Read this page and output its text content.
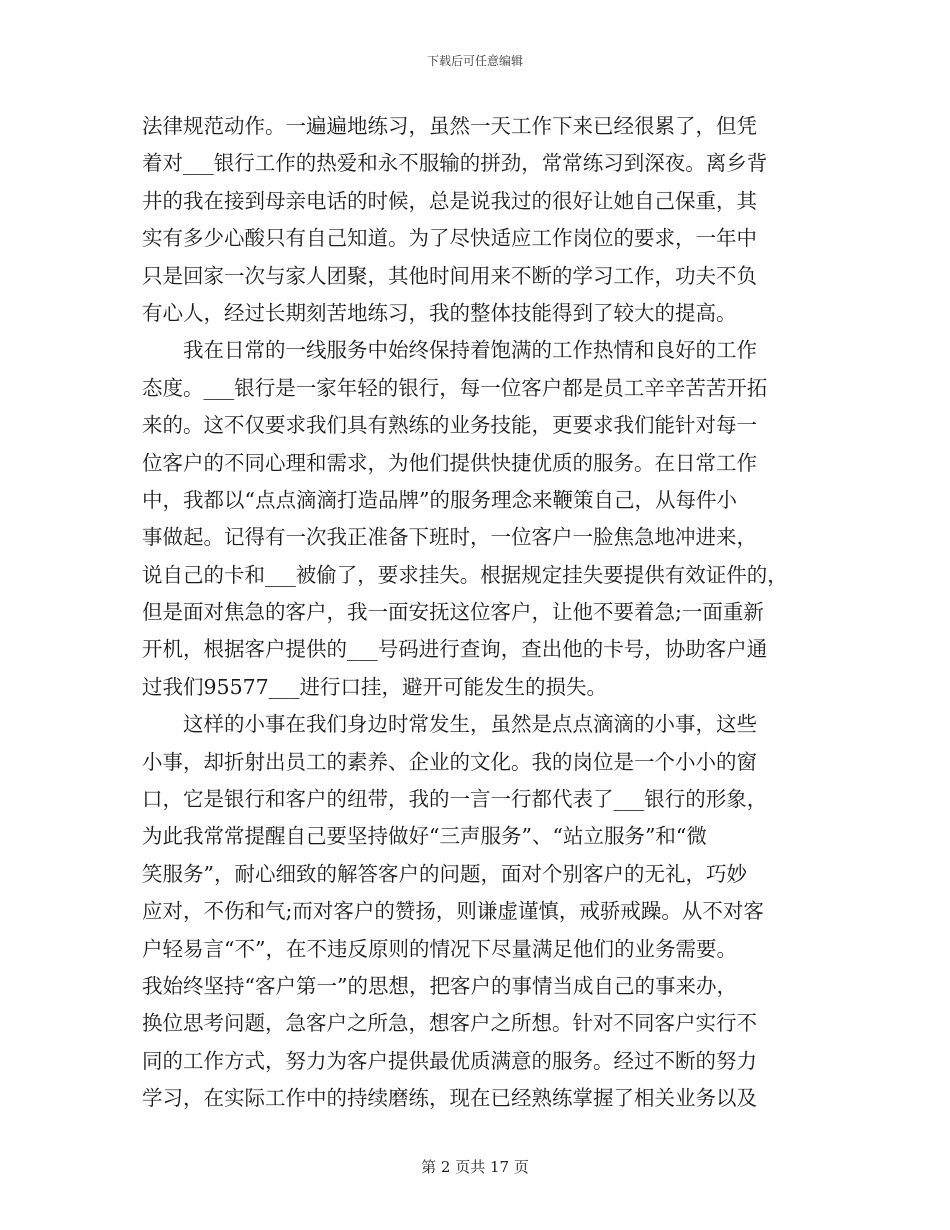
下载后可任意编辑
法律规范动作。一遍遍地练习，虽然一天工作下来已经很累了，但凭
着对___银行工作的热爱和永不服输的拼劲，常常练习到深夜。离乡背
井的我在接到母亲电话的时候，总是说我过的很好让她自己保重，其
实有多少心酸只有自己知道。为了尽快适应工作岗位的要求，一年中
只是回家一次与家人团聚，其他时间用来不断的学习工作，功夫不负
有心人，经过长期刻苦地练习，我的整体技能得到了较大的提高。
我在日常的一线服务中始终保持着饱满的工作热情和良好的工作
态度。___银行是一家年轻的银行，每一位客户都是员工辛辛苦苦开拓
来的。这不仅要求我们具有熟练的业务技能，更要求我们能针对每一
位客户的不同心理和需求，为他们提供快捷优质的服务。在日常工作
中，我都以“点点滴滴打造品牌”的服务理念来鞭策自己，从每件小
事做起。记得有一次我正准备下班时，一位客户一脸焦急地冲进来，
说自己的卡和___被偷了，要求挂失。根据规定挂失要提供有效证件的，
但是面对焦急的客户，我一面安抚这位客户，让他不要着急;一面重新
开机，根据客户提供的___号码进行查询，查出他的卡号，协助客户通
过我们95577___进行口挂，避开可能发生的损失。
这样的小事在我们身边时常发生，虽然是点点滴滴的小事，这些
小事，却折射出员工的素养、企业的文化。我的岗位是一个小小的窗
口，它是银行和客户的纽带，我的一言一行都代表了___银行的形象，
为此我常常提醒自己要坚持做好“三声服务”、“站立服务”和“微
笑服务”，耐心细致的解答客户的问题，面对个别客户的无礼，巧妙
应对，不伤和气;而对客户的赞扬，则谦虚谨慎，戒骄戒躁。从不对客
户轻易言“不”，在不违反原则的情况下尽量满足他们的业务需要。
我始终坚持“客户第一”的思想，把客户的事情当成自己的事来办，
换位思考问题，急客户之所急，想客户之所想。针对不同客户实行不
同的工作方式，努力为客户提供最优质满意的服务。经过不断的努力
学习，在实际工作中的持续磨练，现在已经熟练掌握了相关业务以及
第 2 页共 17 页
